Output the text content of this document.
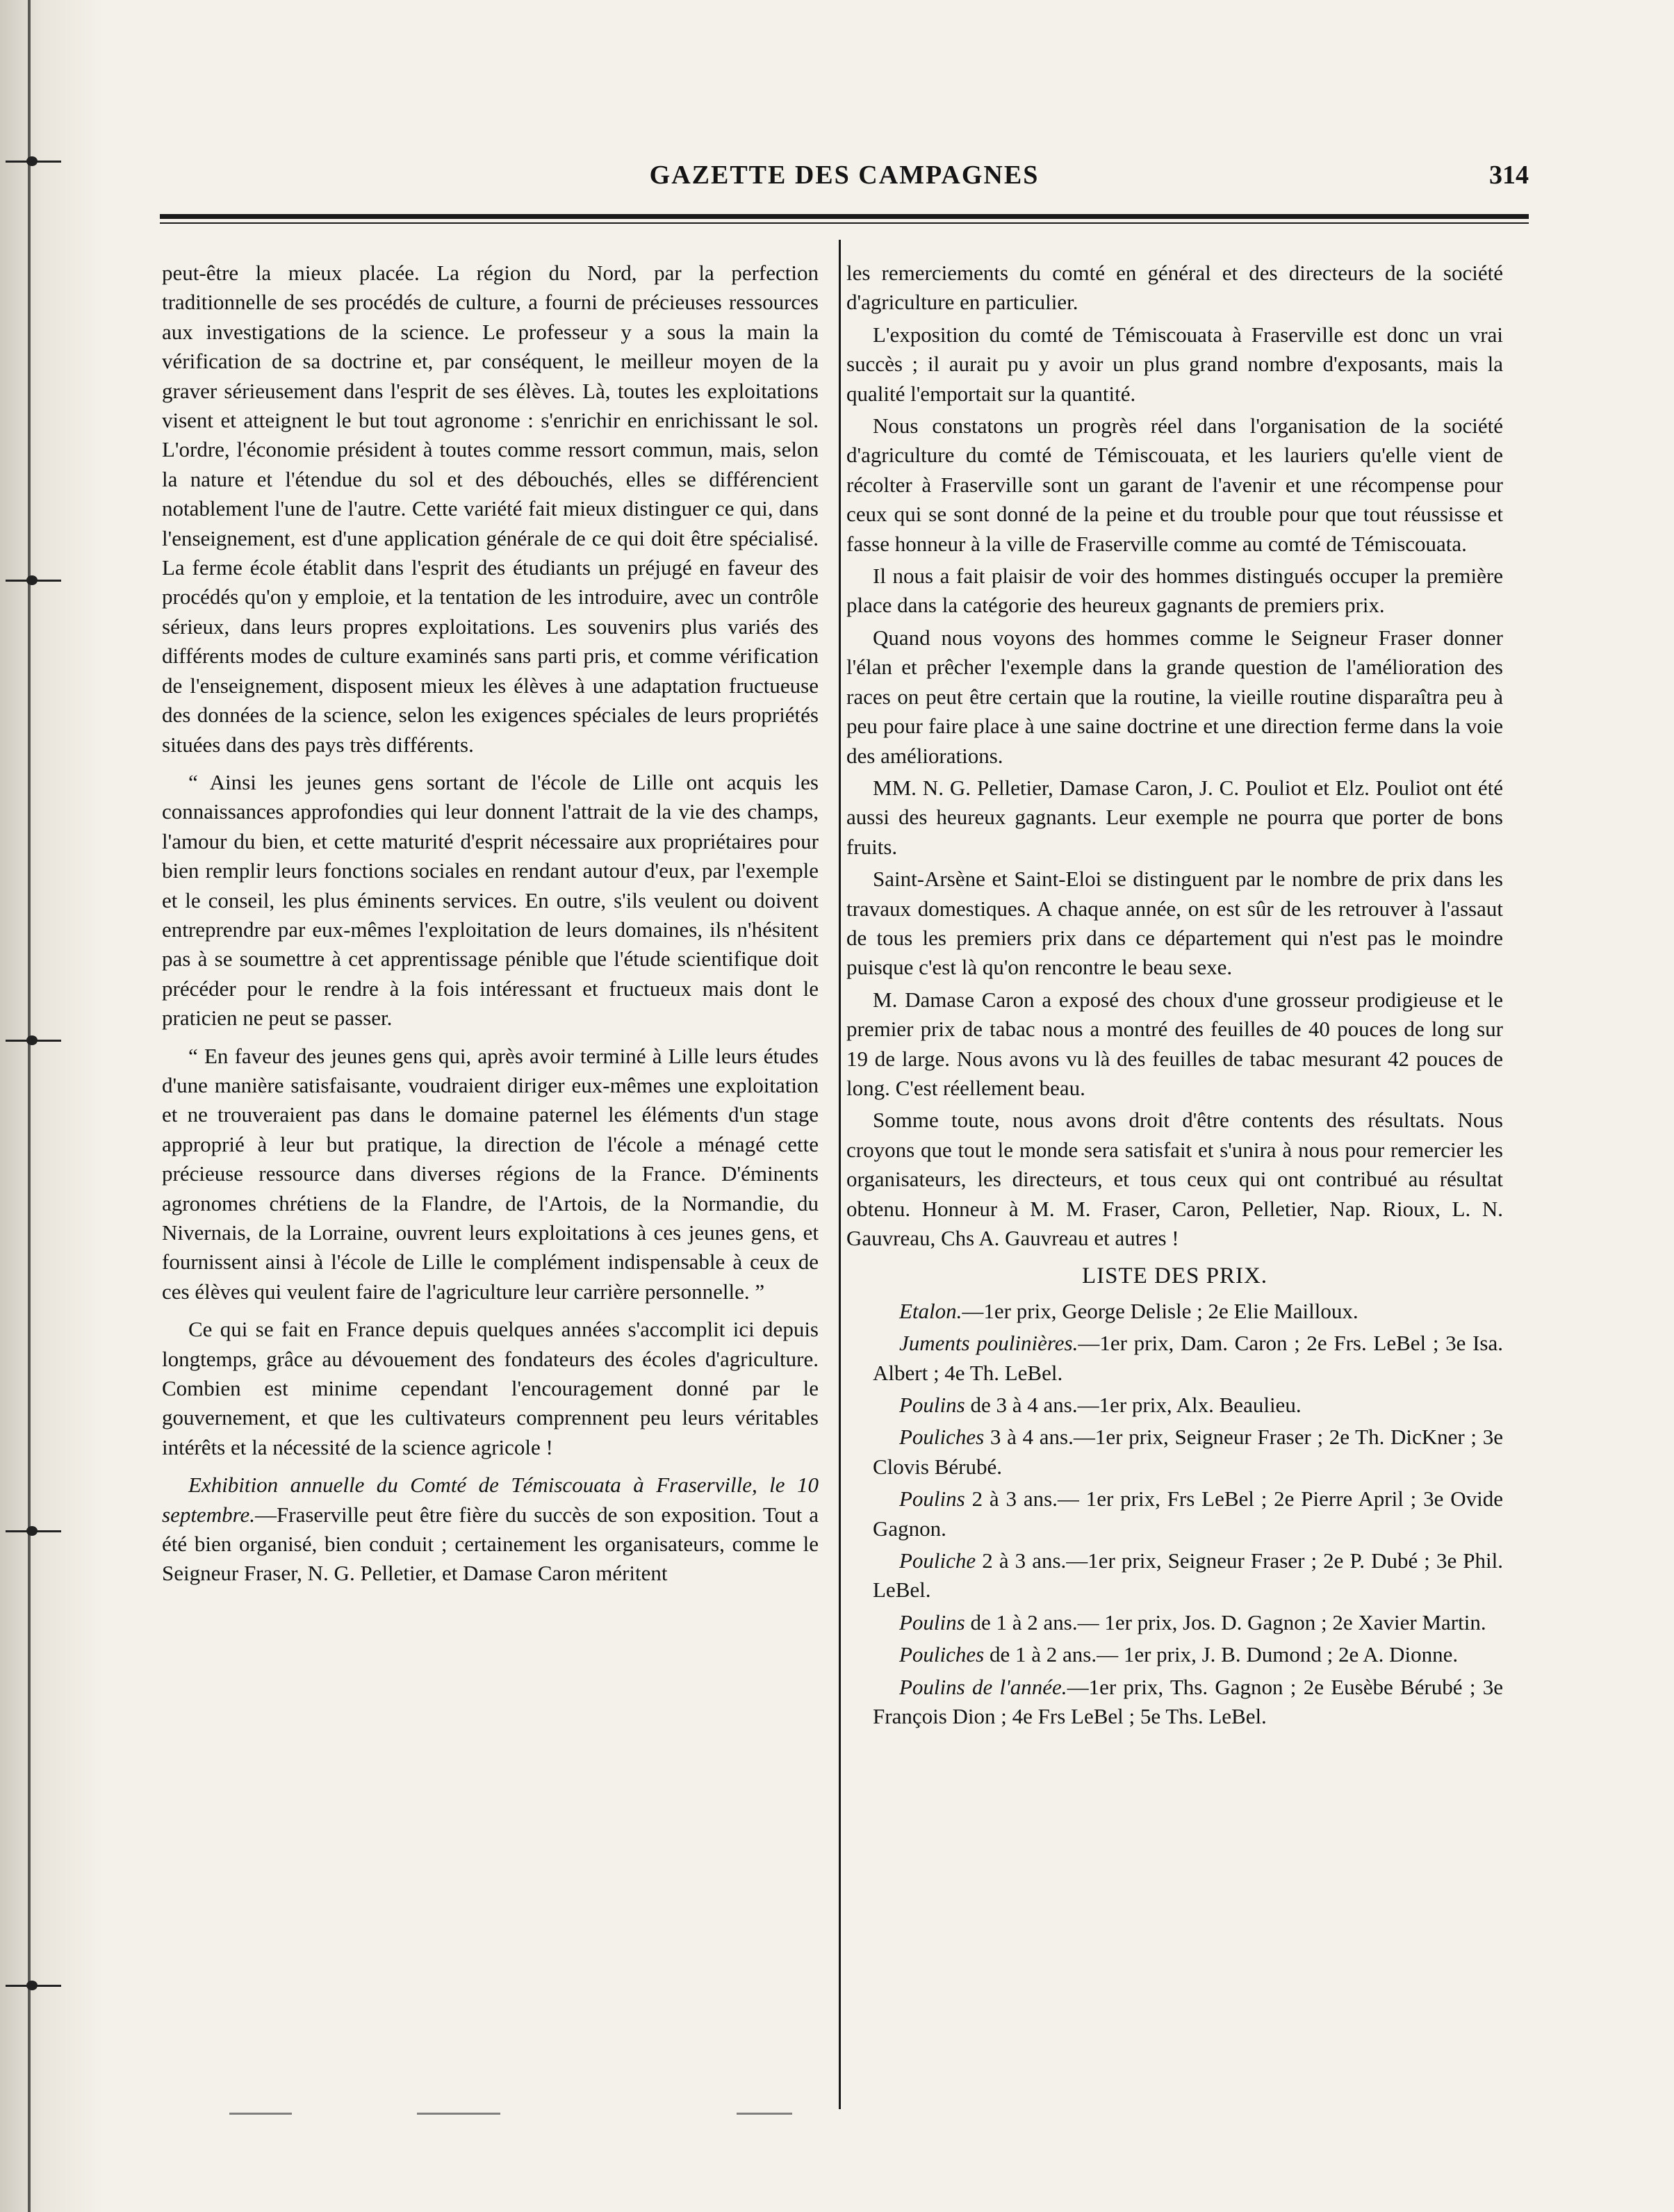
GAZETTE DES CAMPAGNES	314

peut-être la mieux placée. La région du Nord, par la perfection traditionnelle de ses procédés de culture, a fourni de précieuses ressources aux investigations de la science. Le professeur y a sous la main la vérification de sa doctrine et, par conséquent, le meilleur moyen de la graver sérieusement dans l'esprit de ses élèves. Là, toutes les exploitations visent et atteignent le but tout agronome : s'enrichir en enrichissant le sol. L'ordre, l'économie président à toutes comme ressort commun, mais, selon la nature et l'étendue du sol et des débouchés, elles se différencient notablement l'une de l'autre. Cette variété fait mieux distinguer ce qui, dans l'enseignement, est d'une application générale de ce qui doit être spécialisé. La ferme école établit dans l'esprit des étudiants un préjugé en faveur des procédés qu'on y emploie, et la tentation de les introduire, avec un contrôle sérieux, dans leurs propres exploitations. Les souvenirs plus variés des différents modes de culture examinés sans parti pris, et comme vérification de l'enseignement, disposent mieux les élèves à une adaptation fructueuse des données de la science, selon les exigences spéciales de leurs propriétés situées dans des pays très différents.

“ Ainsi les jeunes gens sortant de l'école de Lille ont acquis les connaissances approfondies qui leur donnent l'attrait de la vie des champs, l'amour du bien, et cette maturité d'esprit nécessaire aux propriétaires pour bien remplir leurs fonctions sociales en rendant autour d'eux, par l'exemple et le conseil, les plus éminents services. En outre, s'ils veulent ou doivent entreprendre par eux-mêmes l'exploitation de leurs domaines, ils n'hésitent pas à se soumettre à cet apprentissage pénible que l'étude scientifique doit précéder pour le rendre à la fois intéressant et fructueux mais dont le praticien ne peut se passer.

“ En faveur des jeunes gens qui, après avoir terminé à Lille leurs études d'une manière satisfaisante, voudraient diriger eux-mêmes une exploitation et ne trouveraient pas dans le domaine paternel les éléments d'un stage approprié à leur but pratique, la direction de l'école a ménagé cette précieuse ressource dans diverses régions de la France. D'éminents agronomes chrétiens de la Flandre, de l'Artois, de la Normandie, du Nivernais, de la Lorraine, ouvrent leurs exploitations à ces jeunes gens, et fournissent ainsi à l'école de Lille le complément indispensable à ceux de ces élèves qui veulent faire de l'agriculture leur carrière personnelle. ”

Ce qui se fait en France depuis quelques années s'accomplit ici depuis longtemps, grâce au dévouement des fondateurs des écoles d'agriculture. Combien est minime cependant l'encouragement donné par le gouvernement, et que les cultivateurs comprennent peu leurs véritables intérêts et la nécessité de la science agricole !

Exhibition annuelle du Comté de Témiscouata à Fraserville, le 10 septembre.—Fraserville peut être fière du succès de son exposition. Tout a été bien organisé, bien conduit ; certainement les organisateurs, comme le Seigneur Fraser, N. G. Pelletier, et Damase Caron méritent

les remerciements du comté en général et des directeurs de la société d'agriculture en particulier.

L'exposition du comté de Témiscouata à Fraserville est donc un vrai succès ; il aurait pu y avoir un plus grand nombre d'exposants, mais la qualité l'emportait sur la quantité.

Nous constatons un progrès réel dans l'organisation de la société d'agriculture du comté de Témiscouata, et les lauriers qu'elle vient de récolter à Fraserville sont un garant de l'avenir et une récompense pour ceux qui se sont donné de la peine et du trouble pour que tout réussisse et fasse honneur à la ville de Fraserville comme au comté de Témiscouata.

Il nous a fait plaisir de voir des hommes distingués occuper la première place dans la catégorie des heureux gagnants de premiers prix.

Quand nous voyons des hommes comme le Seigneur Fraser donner l'élan et prêcher l'exemple dans la grande question de l'amélioration des races on peut être certain que la routine, la vieille routine disparaîtra peu à peu pour faire place à une saine doctrine et une direction ferme dans la voie des améliorations.

MM. N. G. Pelletier, Damase Caron, J. C. Pouliot et Elz. Pouliot ont été aussi des heureux gagnants. Leur exemple ne pourra que porter de bons fruits.

Saint-Arsène et Saint-Eloi se distinguent par le nombre de prix dans les travaux domestiques. A chaque année, on est sûr de les retrouver à l'assaut de tous les premiers prix dans ce département qui n'est pas le moindre puisque c'est là qu'on rencontre le beau sexe.

M. Damase Caron a exposé des choux d'une grosseur prodigieuse et le premier prix de tabac nous a montré des feuilles de 40 pouces de long sur 19 de large. Nous avons vu là des feuilles de tabac mesurant 42 pouces de long. C'est réellement beau.

Somme toute, nous avons droit d'être contents des résultats. Nous croyons que tout le monde sera satisfait et s'unira à nous pour remercier les organisateurs, les directeurs, et tous ceux qui ont contribué au résultat obtenu. Honneur à M. M. Fraser, Caron, Pelletier, Nap. Rioux, L. N. Gauvreau, Chs A. Gauvreau et autres !

LISTE DES PRIX.

Etalon.—1er prix, George Delisle ; 2e Elie Mailloux.

Juments poulinières.—1er prix, Dam. Caron ; 2e Frs. LeBel ; 3e Isa. Albert ; 4e Th. LeBel.

Poulins de 3 à 4 ans.—1er prix, Alx. Beaulieu.

Pouliches 3 à 4 ans.—1er prix, Seigneur Fraser ; 2e Th. DicKner ; 3e Clovis Bérubé.

Poulins 2 à 3 ans.— 1er prix, Frs LeBel ; 2e Pierre April ; 3e Ovide Gagnon.

Pouliche 2 à 3 ans.—1er prix, Seigneur Fraser ; 2e P. Dubé ; 3e Phil. LeBel.

Poulins de 1 à 2 ans.— 1er prix, Jos. D. Gagnon ; 2e Xavier Martin.

Pouliches de 1 à 2 ans.— 1er prix, J. B. Dumond ; 2e A. Dionne.

Poulins de l'année.—1er prix, Ths. Gagnon ; 2e Eusèbe Bérubé ; 3e François Dion ; 4e Frs LeBel ; 5e Ths. LeBel.
